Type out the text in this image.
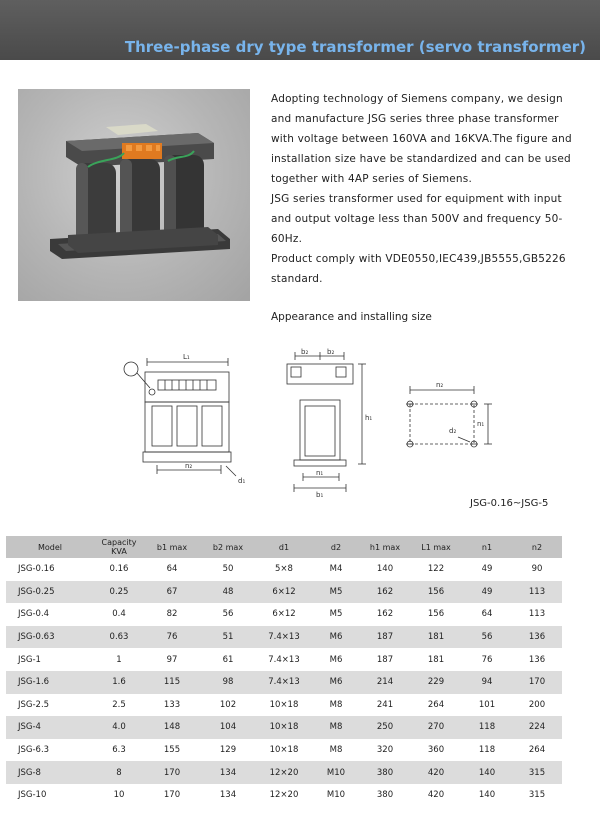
Three-phase dry type transformer (servo transformer)

Adopting technology of Siemens company, we design and manufacture JSG series three phase transformer with voltage between 160VA and 16KVA.The figure and installation size have be standardized and can be used together with 4AP series of Siemens.

JSG series transformer used for equipment with input and output voltage less than 500V and frequency 50-60Hz.

Product comply with VDE0550,IEC439,JB5555,GB5226 standard.

Appearance and installing size
L₁
n₂
d₁
b₂	b₂
h₁
n₁
b₁
n₂
n₁
d₂
JSG-0.16~JSG-5
Model	Capacity KVA	b1 max	b2 max	d1	d2	h1 max	L1 max	n1	n2
JSG-0.16	0.16	64	50	5×8	M4	140	122	49	90
JSG-0.25	0.25	67	48	6×12	M5	162	156	49	113
JSG-0.4	0.4	82	56	6×12	M5	162	156	64	113
JSG-0.63	0.63	76	51	7.4×13	M6	187	181	56	136
JSG-1	1	97	61	7.4×13	M6	187	181	76	136
JSG-1.6	1.6	115	98	7.4×13	M6	214	229	94	170
JSG-2.5	2.5	133	102	10×18	M8	241	264	101	200
JSG-4	4.0	148	104	10×18	M8	250	270	118	224
JSG-6.3	6.3	155	129	10×18	M8	320	360	118	264
JSG-8	8	170	134	12×20	M10	380	420	140	315
JSG-10	10	170	134	12×20	M10	380	420	140	315
